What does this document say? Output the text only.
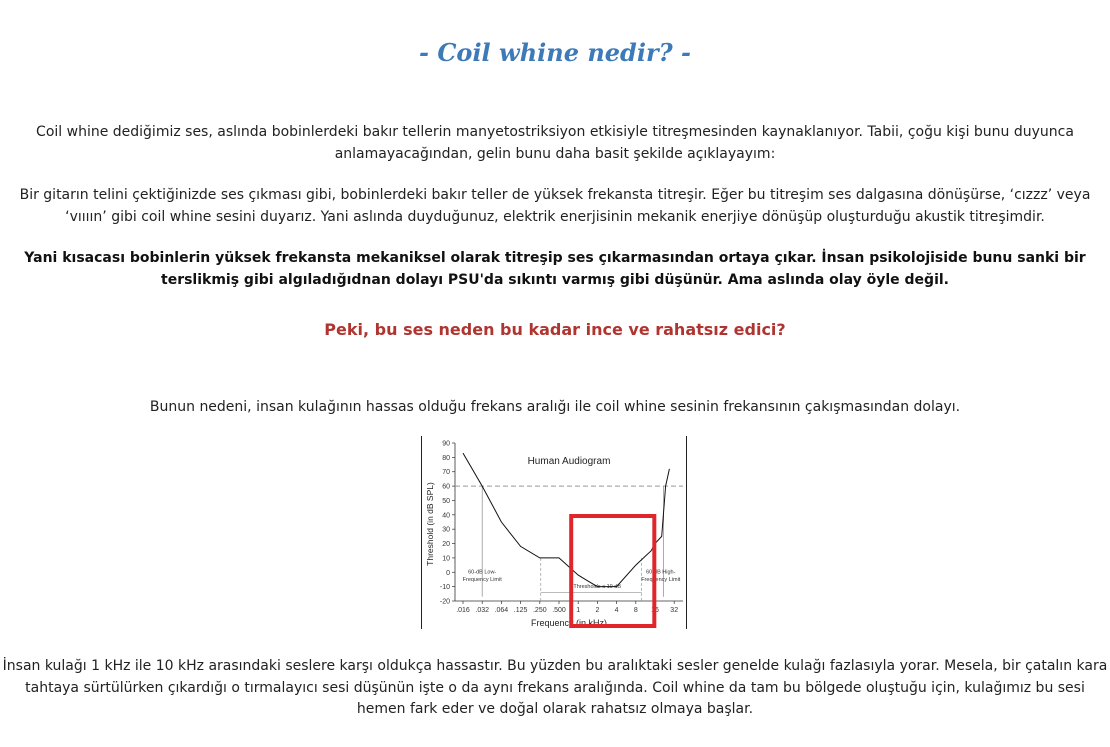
- Coil whine nedir? -
Coil whine dediğimiz ses, aslında bobinlerdeki bakır tellerin manyetostriksiyon etkisiyle titreşmesinden kaynaklanıyor. Tabii, çoğu kişi bunu duyunca anlamayacağından, gelin bunu daha basit şekilde açıklayayım:
Bir gitarın telini çektiğinizde ses çıkması gibi, bobinlerdeki bakır teller de yüksek frekansta titreşir. Eğer bu titreşim ses dalgasına dönüşürse, ‘cızzz’ veya ‘vıııın’ gibi coil whine sesini duyarız. Yani aslında duyduğunuz, elektrik enerjisinin mekanik enerjiye dönüşüp oluşturduğu akustik titreşimdir.
Yani kısacası bobinlerin yüksek frekansta mekaniksel olarak titreşip ses çıkarmasından ortaya çıkar. İnsan psikolojiside bunu sanki bir terslikmiş gibi algıladığıdnan dolayı PSU'da sıkıntı varmış gibi düşünür. Ama aslında olay öyle değil.
Peki, bu ses neden bu kadar ince ve rahatsız edici?
Bunun nedeni, insan kulağının hassas olduğu frekans aralığı ile coil whine sesinin frekansının çakışmasından dolayı.
90
80
70
60
50
40
30
20
10
0
-10
-20
.016 .032 .064 .125 .250 .500 1 2 4 8 16 32
Thresholds ≤ 10 dB
60-dB Low-
Frequency Limit
60-dB High-
Frequency Limit
Human Audiogram
Frequency (in kHz)
Threshold (in dB SPL)
İnsan kulağı 1 kHz ile 10 kHz arasındaki seslere karşı oldukça hassastır. Bu yüzden bu aralıktaki sesler genelde kulağı fazlasıyla yorar. Mesela, bir çatalın kara tahtaya sürtülürken çıkardığı o tırmalayıcı sesi düşünün işte o da aynı frekans aralığında. Coil whine da tam bu bölgede oluştuğu için, kulağımız bu sesi hemen fark eder ve doğal olarak rahatsız olmaya başlar.
